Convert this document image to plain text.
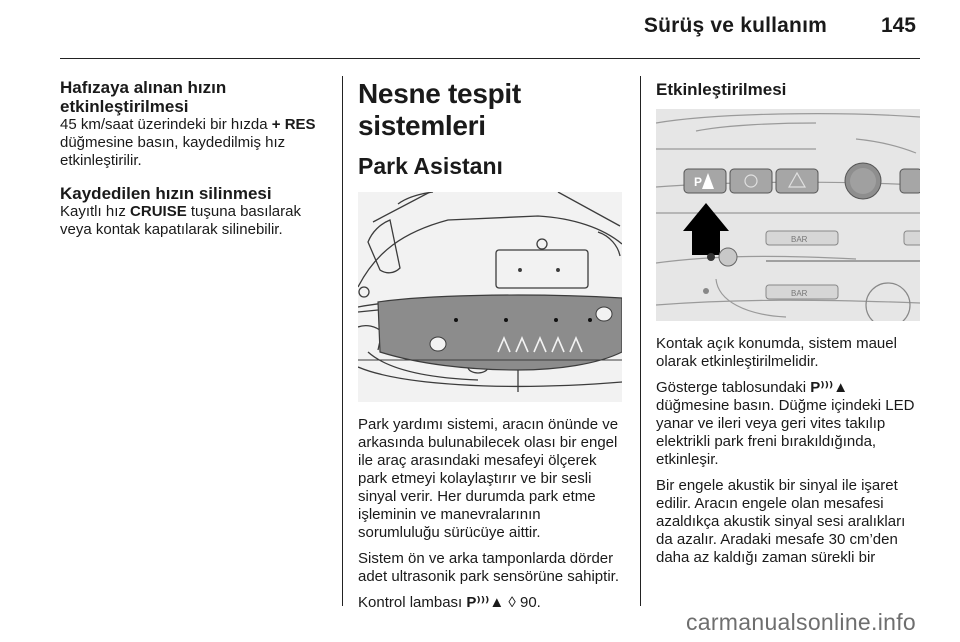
Sürüş ve kullanım	145
Hafızaya alınan hızın etkinleştirilmesi

45 km/saat üzerindeki bir hızda + RES düğmesine basın, kaydedilmiş hız etkinleştirilir.

Kaydedilen hızın silinmesi

Kayıtlı hız CRUISE tuşuna basılarak veya kontak kapatılarak silinebilir.

Nesne tespit sistemleri
Park Asistanı

Park yardımı sistemi, aracın önünde ve arkasında bulunabilecek olası bir engel ile araç arasındaki mesafeyi ölçerek park etmeyi kolaylaştırır ve bir sesli sinyal verir. Her durumda park etme işleminin ve manevralarının sorumluluğu sürücüye aittir.

Sistem ön ve arka tamponlarda dörder adet ultrasonik park sensörüne sahiptir.

Kontrol lambası P⁾⁾⁾▲ ◊ 90.

Etkinleştirilmesi
P
BAR
BAR

Kontak açık konumda, sistem mauel olarak etkinleştirilmelidir.

Gösterge tablosundaki P⁾⁾⁾▲ düğmesine basın. Düğme içindeki LED yanar ve ileri veya geri vites takılıp elektrikli park freni bırakıldığında, etkinleşir.

Bir engele akustik bir sinyal ile işaret edilir. Aracın engele olan mesafesi azaldıkça akustik sinyal sesi aralıkları da azalır. Aradaki mesafe 30 cm’den daha az kaldığı zaman sürekli bir

carmanualsonline.info
